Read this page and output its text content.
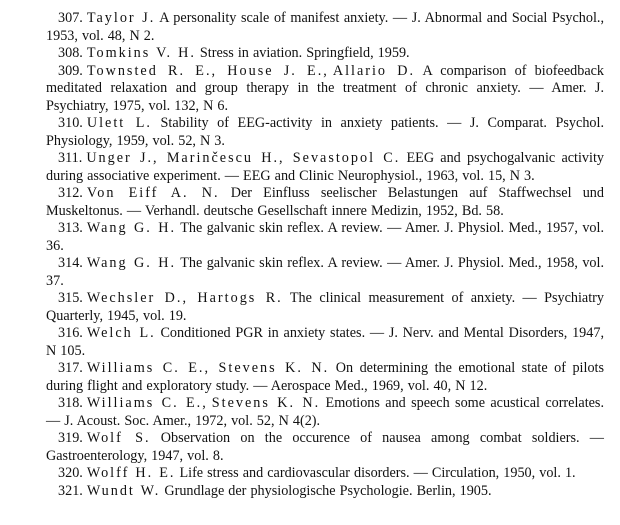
307. Taylor J. A personality scale of manifest anxiety. — J. Abnormal and Social Psychol., 1953, vol. 48, N 2.

308. Tomkins V. H. Stress in aviation. Springfield, 1959.

309. Townsted R. E., House J. E., Allario D. A comparison of biofeedback meditated relaxation and group therapy in the treatment of chronic anxiety. — Amer. J. Psychiatry, 1975, vol. 132, N 6.

310. Ulett L. Stability of EEG-activity in anxiety patients. — J. Comparat. Psychol. Physiology, 1959, vol. 52, N 3.

311. Unger J., Marinčescu H., Sevastopol C. EEG and psychogalvanic activity during associative experiment. — EEG and Clinic Neurophysiol., 1963, vol. 15, N 3.

312. Von Eiff A. N. Der Einfluss seelischer Belastungen auf Staffwechsel und Muskeltonus. — Verhandl. deutsche Gesellschaft innere Medizin, 1952, Bd. 58.

313. Wang G. H. The galvanic skin reflex. A review. — Amer. J. Physiol. Med., 1957, vol. 36.

314. Wang G. H. The galvanic skin reflex. A review. — Amer. J. Physiol. Med., 1958, vol. 37.

315. Wechsler D., Hartogs R. The clinical measurement of anxiety. — Psychiatry Quarterly, 1945, vol. 19.

316. Welch L. Conditioned PGR in anxiety states. — J. Nerv. and Mental Disorders, 1947, N 105.

317. Williams C. E., Stevens K. N. On determining the emotional state of pilots during flight and exploratory study. — Aerospace Med., 1969, vol. 40, N 12.

318. Williams C. E., Stevens K. N. Emotions and speech some acustical correlates. — J. Acoust. Soc. Amer., 1972, vol. 52, N 4(2).

319. Wolf S. Observation on the occurence of nausea among combat soldiers. — Gastroenterology, 1947, vol. 8.

320. Wolff H. E. Life stress and cardiovascular disorders. — Circulation, 1950, vol. 1.

321. Wundt W. Grundlage der physiologische Psychologie. Berlin, 1905.
